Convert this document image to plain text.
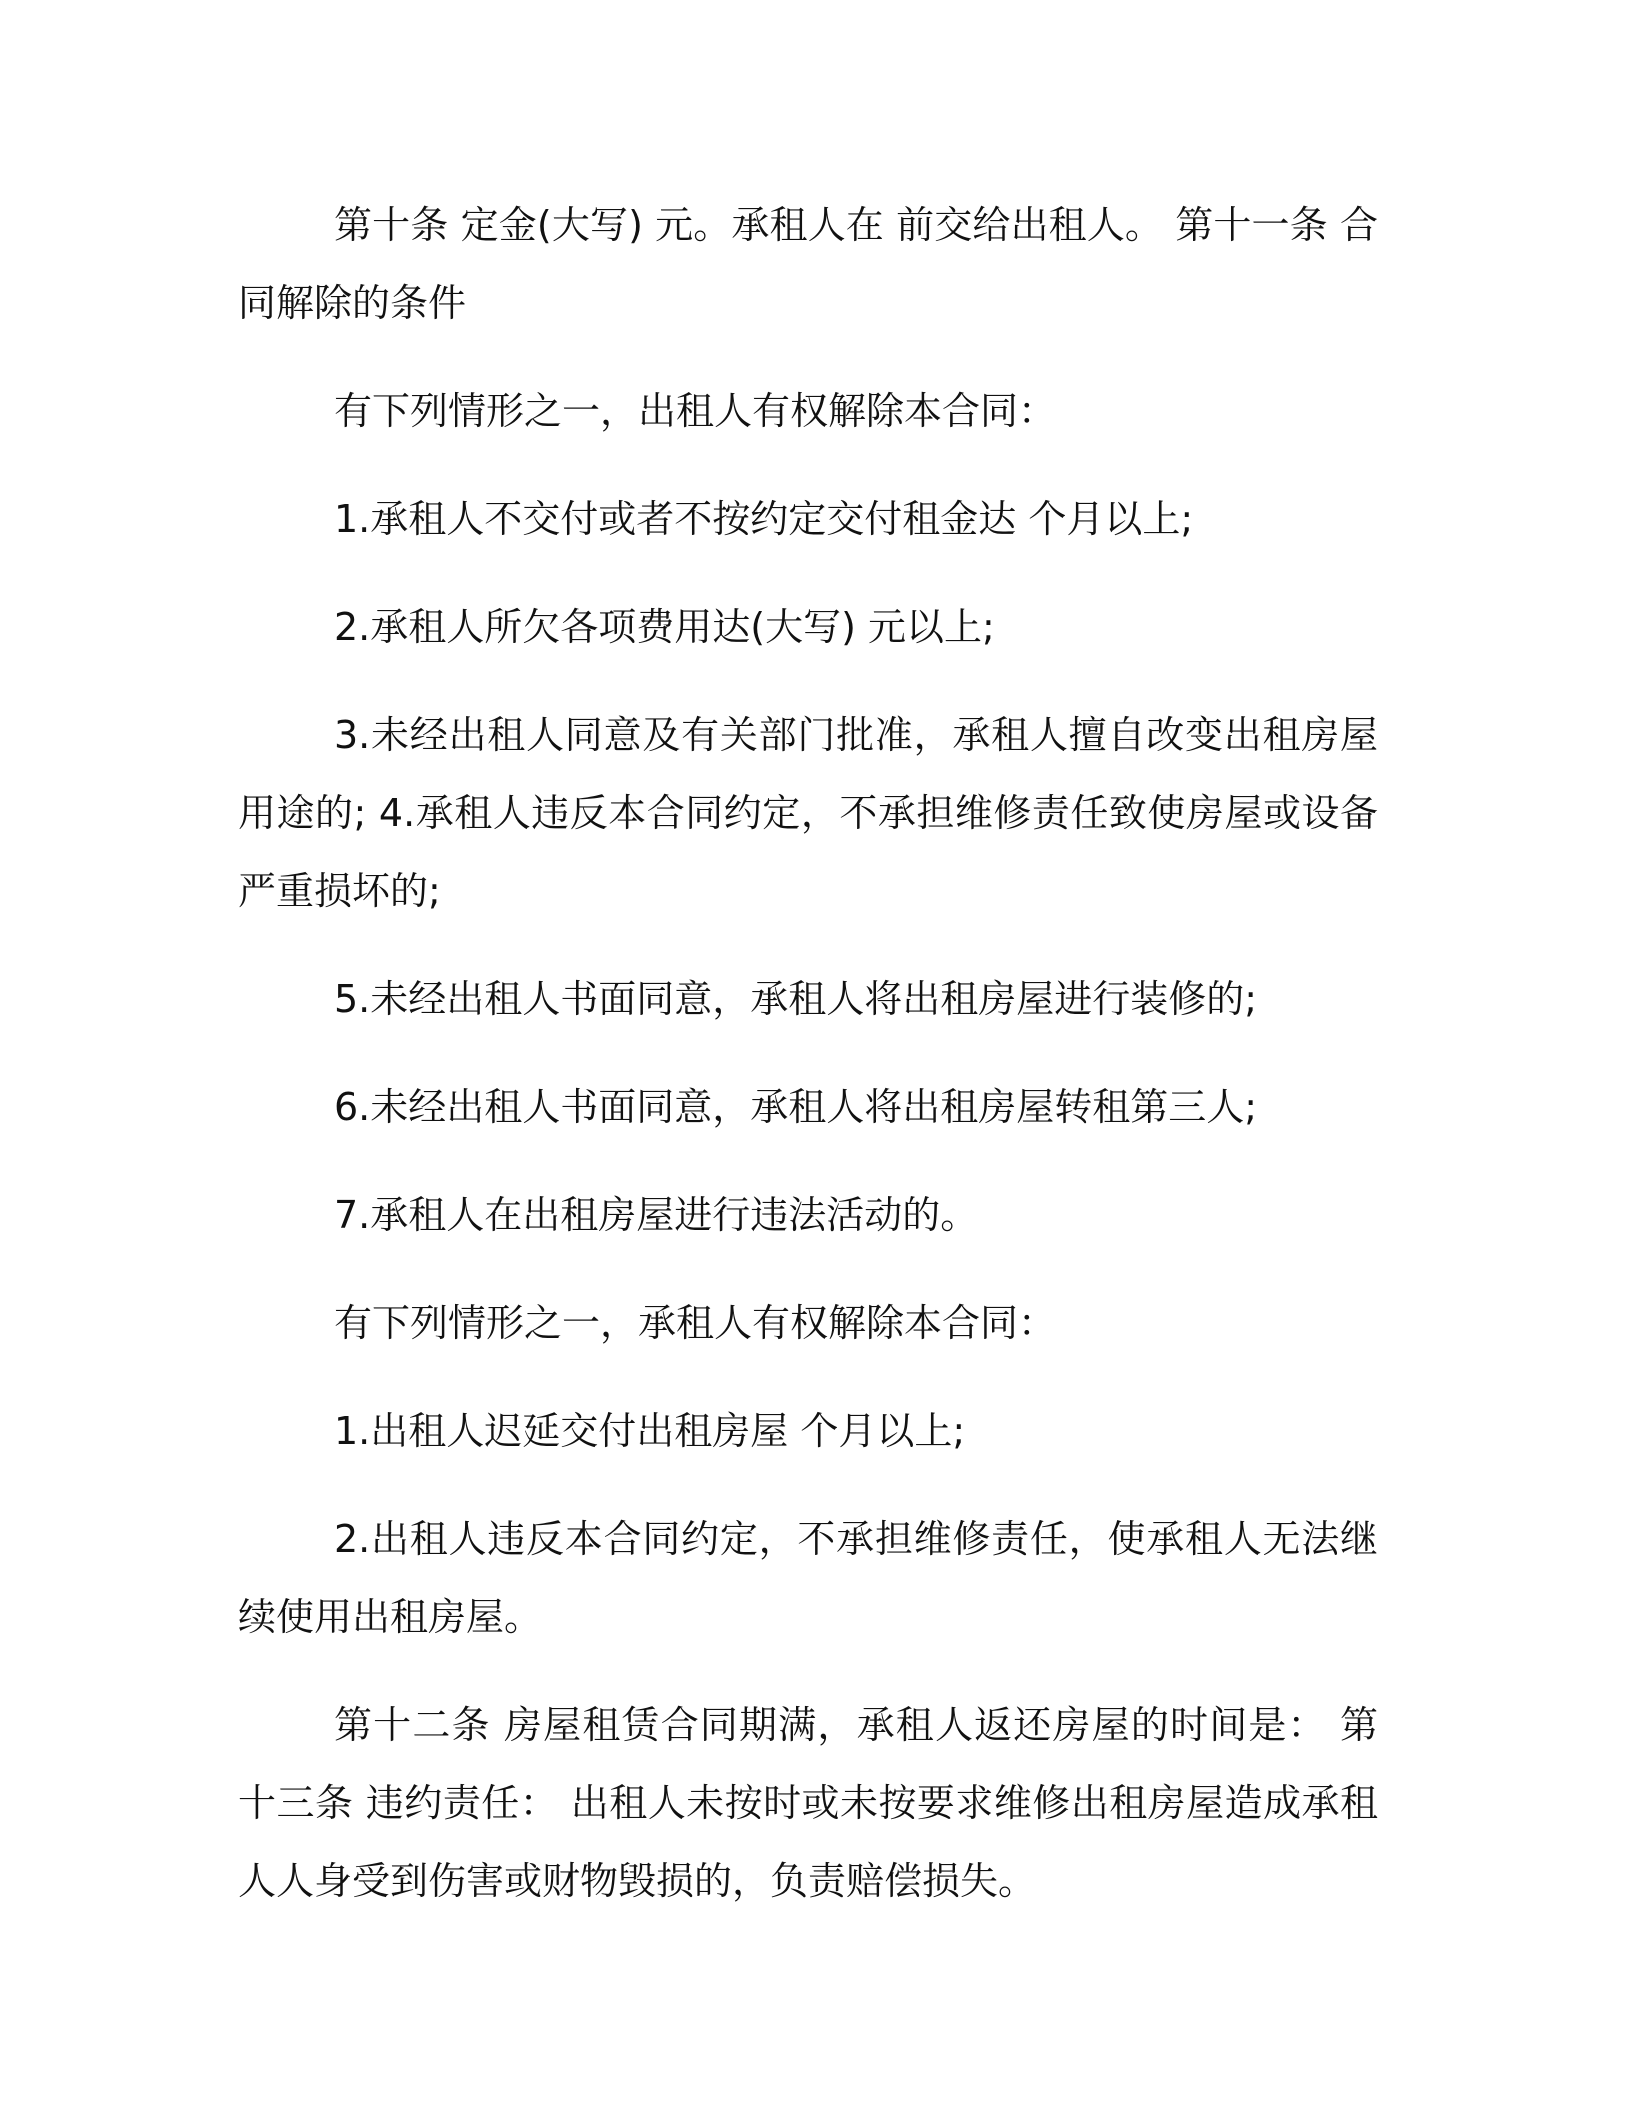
第十条 定金(大写) 元。承租人在 前交给出租人。 第十一条 合同解除的条件

有下列情形之一，出租人有权解除本合同：

1.承租人不交付或者不按约定交付租金达 个月以上;

2.承租人所欠各项费用达(大写) 元以上;

3.未经出租人同意及有关部门批准，承租人擅自改变出租房屋用途的; 4.承租人违反本合同约定，不承担维修责任致使房屋或设备严重损坏的;

5.未经出租人书面同意，承租人将出租房屋进行装修的;

6.未经出租人书面同意，承租人将出租房屋转租第三人;

7.承租人在出租房屋进行违法活动的。

有下列情形之一，承租人有权解除本合同：

1.出租人迟延交付出租房屋 个月以上;

2.出租人违反本合同约定，不承担维修责任，使承租人无法继续使用出租房屋。

第十二条 房屋租赁合同期满，承租人返还房屋的时间是： 第十三条 违约责任： 出租人未按时或未按要求维修出租房屋造成承租人人身受到伤害或财物毁损的，负责赔偿损失。
